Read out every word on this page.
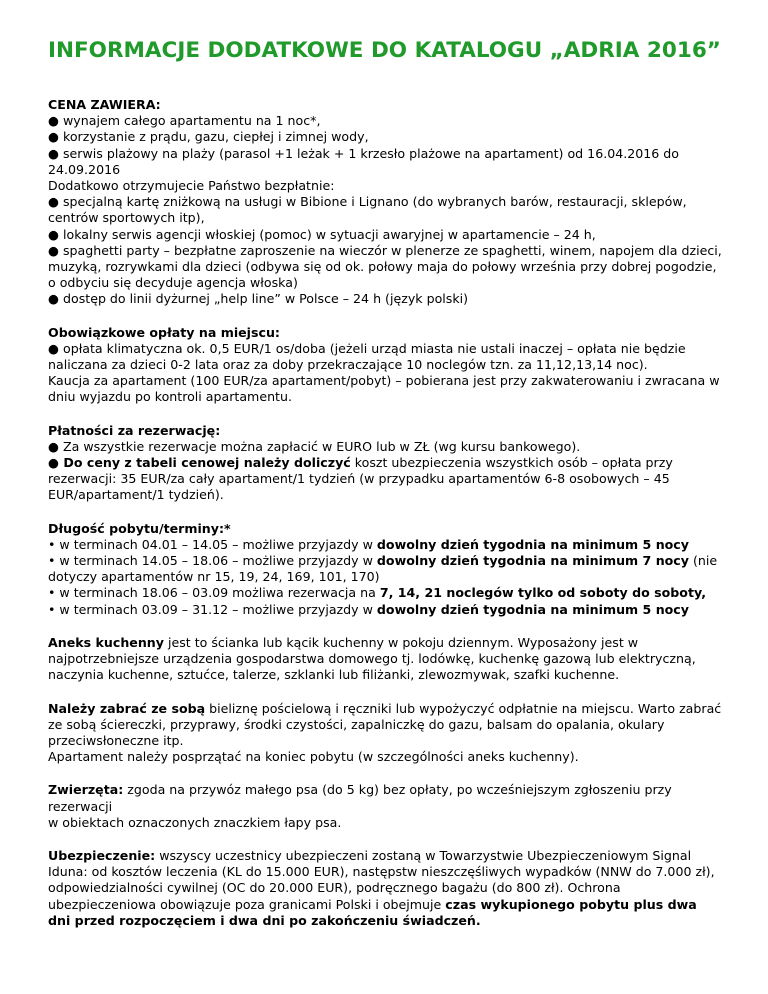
INFORMACJE DODATKOWE DO KATALOGU „ADRIA 2016”

CENA ZAWIERA:

● wynajem całego apartamentu na 1 noc*,

● korzystanie z prądu, gazu, ciepłej i zimnej wody,

● serwis plażowy na plaży (parasol +1 leżak + 1 krzesło plażowe na apartament) od 16.04.2016 do 24.09.2016

Dodatkowo otrzymujecie Państwo bezpłatnie:

● specjalną kartę zniżkową na usługi w Bibione i Lignano (do wybranych barów, restauracji, sklepów, centrów sportowych itp),

● lokalny serwis agencji włoskiej (pomoc) w sytuacji awaryjnej w apartamencie – 24 h,

● spaghetti party – bezpłatne zaproszenie na wieczór w plenerze ze spaghetti, winem, napojem dla dzieci, muzyką, rozrywkami dla dzieci (odbywa się od ok. połowy maja do połowy września przy dobrej pogodzie, o odbyciu się decyduje agencja włoska)

● dostęp do linii dyżurnej „help line” w Polsce – 24 h (język polski)

Obowiązkowe opłaty na miejscu:

● opłata klimatyczna ok. 0,5 EUR/1 os/doba (jeżeli urząd miasta nie ustali inaczej – opłata nie będzie naliczana za dzieci 0-2 lata oraz za doby przekraczające 10 noclegów tzn. za 11,12,13,14 noc).

Kaucja za apartament (100 EUR/za apartament/pobyt) – pobierana jest przy zakwaterowaniu i zwracana w dniu wyjazdu po kontroli apartamentu.

Płatności za rezerwację:

● Za wszystkie rezerwacje można zapłacić w EURO lub w ZŁ (wg kursu bankowego).

● Do ceny z tabeli cenowej należy doliczyć koszt ubezpieczenia wszystkich osób – opłata przy rezerwacji: 35 EUR/za cały apartament/1 tydzień (w przypadku apartamentów 6-8 osobowych – 45 EUR/apartament/1 tydzień).

Długość pobytu/terminy:*

• w terminach 04.01 – 14.05 – możliwe przyjazdy w dowolny dzień tygodnia na minimum 5 nocy

• w terminach 14.05 – 18.06 – możliwe przyjazdy w dowolny dzień tygodnia na minimum 7 nocy (nie dotyczy apartamentów nr 15, 19, 24, 169, 101, 170)

• w terminach 18.06 – 03.09 możliwa rezerwacja na 7, 14, 21 noclegów tylko od soboty do soboty,

• w terminach 03.09 – 31.12 – możliwe przyjazdy w dowolny dzień tygodnia na minimum 5 nocy

Aneks kuchenny jest to ścianka lub kącik kuchenny w pokoju dziennym. Wyposażony jest w najpotrzebniejsze urządzenia gospodarstwa domowego tj. lodówkę, kuchenkę gazową lub elektryczną, naczynia kuchenne, sztućce, talerze, szklanki lub filiżanki, zlewozmywak, szafki kuchenne.

Należy zabrać ze sobą bieliznę pościelową i ręczniki lub wypożyczyć odpłatnie na miejscu. Warto zabrać ze sobą ściereczki, przyprawy, środki czystości, zapalniczkę do gazu, balsam do opalania, okulary przeciwsłoneczne itp.

Apartament należy posprzątać na koniec pobytu (w szczególności aneks kuchenny).

Zwierzęta: zgoda na przywóz małego psa (do 5 kg) bez opłaty, po wcześniejszym zgłoszeniu przy rezerwacji

w obiektach oznaczonych znaczkiem łapy psa.

Ubezpieczenie: wszyscy uczestnicy ubezpieczeni zostaną w Towarzystwie Ubezpieczeniowym Signal Iduna: od kosztów leczenia (KL do 15.000 EUR), następstw nieszczęśliwych wypadków (NNW do 7.000 zł), odpowiedzialności cywilnej (OC do 20.000 EUR), podręcznego bagażu (do 800 zł). Ochrona ubezpieczeniowa obowiązuje poza granicami Polski i obejmuje czas wykupionego pobytu plus dwa dni przed rozpoczęciem i dwa dni po zakończeniu świadczeń.
